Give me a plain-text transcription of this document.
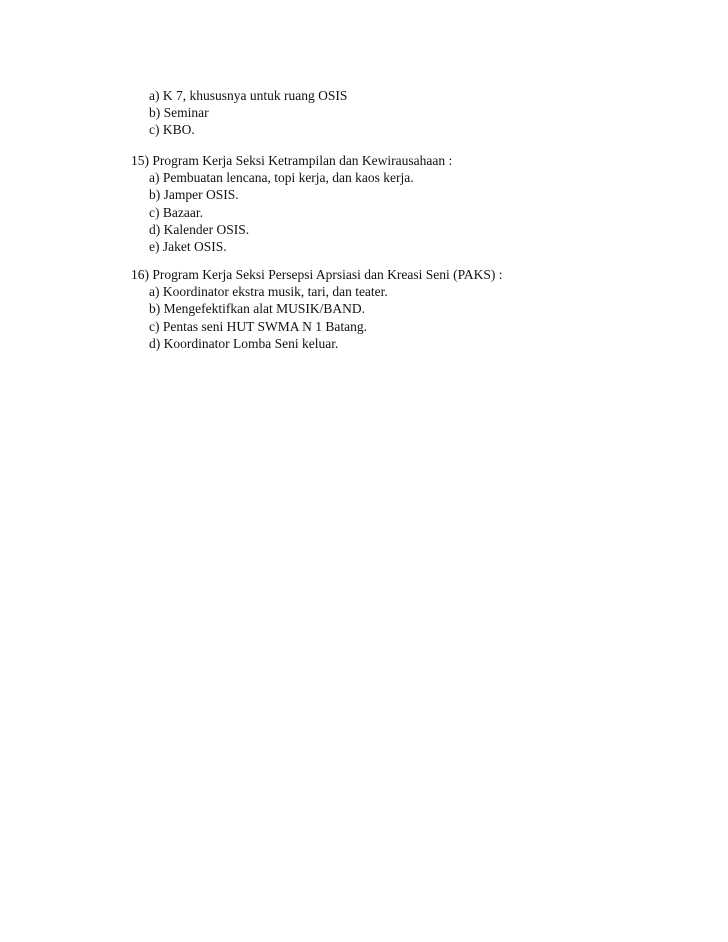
a) K 7, khususnya untuk ruang OSIS
b) Seminar
c) KBO.
15) Program Kerja Seksi Ketrampilan dan Kewirausahaan :
a) Pembuatan lencana, topi kerja, dan kaos kerja.
b) Jamper OSIS.
c) Bazaar.
d) Kalender OSIS.
e) Jaket OSIS.
16) Program Kerja Seksi Persepsi Aprsiasi dan Kreasi Seni (PAKS) :
a) Koordinator ekstra musik, tari, dan teater.
b) Mengefektifkan alat MUSIK/BAND.
c) Pentas seni HUT SWMA N 1 Batang.
d) Koordinator Lomba Seni keluar.
